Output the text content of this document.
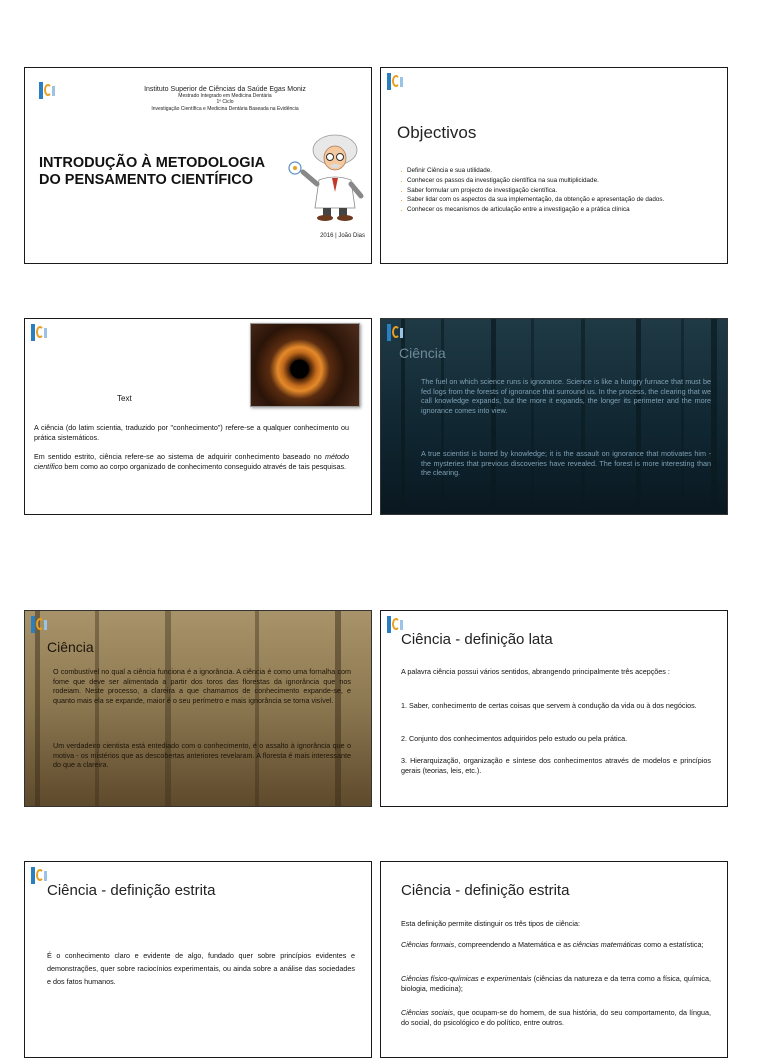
Instituto Superior de Ciências da Saúde Egas Moniz
Mestrado Integrado em Medicina Dentária
1º Ciclo
Investigação Científica e Medicina Dentária Baseada na Evidência
INTRODUÇÃO À METODOLOGIA
DO PENSAMENTO CIENTÍFICO
2016 | João Dias
Objectivos
· Definir Ciência e sua utilidade.
· Conhecer os passos da investigação científica na sua multiplicidade.
· Saber formular um projecto de investigação científica.
· Saber lidar com os aspectos da sua implementação, da obtenção e apresentação de dados.
· Conhecer os mecanismos de articulação entre a investigação e a prática clínica
Text
A ciência (do latim scientia, traduzido por "conhecimento") refere-se a qualquer conhecimento ou prática sistemáticos.
Em sentido estrito, ciência refere-se ao sistema de adquirir conhecimento baseado no método científico bem como ao corpo organizado de conhecimento conseguido através de tais pesquisas.
Ciência
The fuel on which science runs is ignorance. Science is like a hungry furnace that must be fed logs from the forests of ignorance that surround us. In the process, the clearing that we call knowledge expands, but the more it expands, the longer its perimeter and the more ignorance comes into view.
A true scientist is bored by knowledge; it is the assault on ignorance that motivates him - the mysteries that previous discoveries have revealed. The forest is more interesting than the clearing.
Ciência
O combustível no qual a ciência funciona é a ignorância. A ciência é como uma fornalha com fome que deve ser alimentada a partir dos toros das florestas da ignorância que nos rodeiam. Neste processo, a clareira a que chamamos de conhecimento expande-se, e quanto mais ela se expande, maior é o seu perímetro e mais ignorância se torna visível.
Um verdadeiro cientista está entediado com o conhecimento, é o assalto à ignorância que o motiva - os mistérios que as descobertas anteriores revelaram. A floresta é mais interessante do que a clareira.
Ciência - definição lata
A palavra ciência possui vários sentidos, abrangendo principalmente três acepções :
1. Saber, conhecimento de certas coisas que servem à condução da vida ou à dos negócios.
2. Conjunto dos conhecimentos adquiridos pelo estudo ou pela prática.
3. Hierarquização, organização e síntese dos conhecimentos através de modelos e princípios gerais (teorias, leis, etc.).
Ciência - definição estrita
É o conhecimento claro e evidente de algo, fundado quer sobre princípios evidentes e demonstrações, quer sobre raciocínios experimentais, ou ainda sobre a análise das sociedades e dos fatos humanos.
Ciência - definição estrita
Esta definição permite distinguir os três tipos de ciência:
Ciências formais, compreendendo a Matemática e as ciências matemáticas como a estatística;
Ciências físico-químicas e experimentais (ciências da natureza e da terra como a física, química, biologia, medicina);
Ciências sociais, que ocupam-se do homem, de sua história, do seu comportamento, da língua, do social, do psicológico e do político, entre outros.
